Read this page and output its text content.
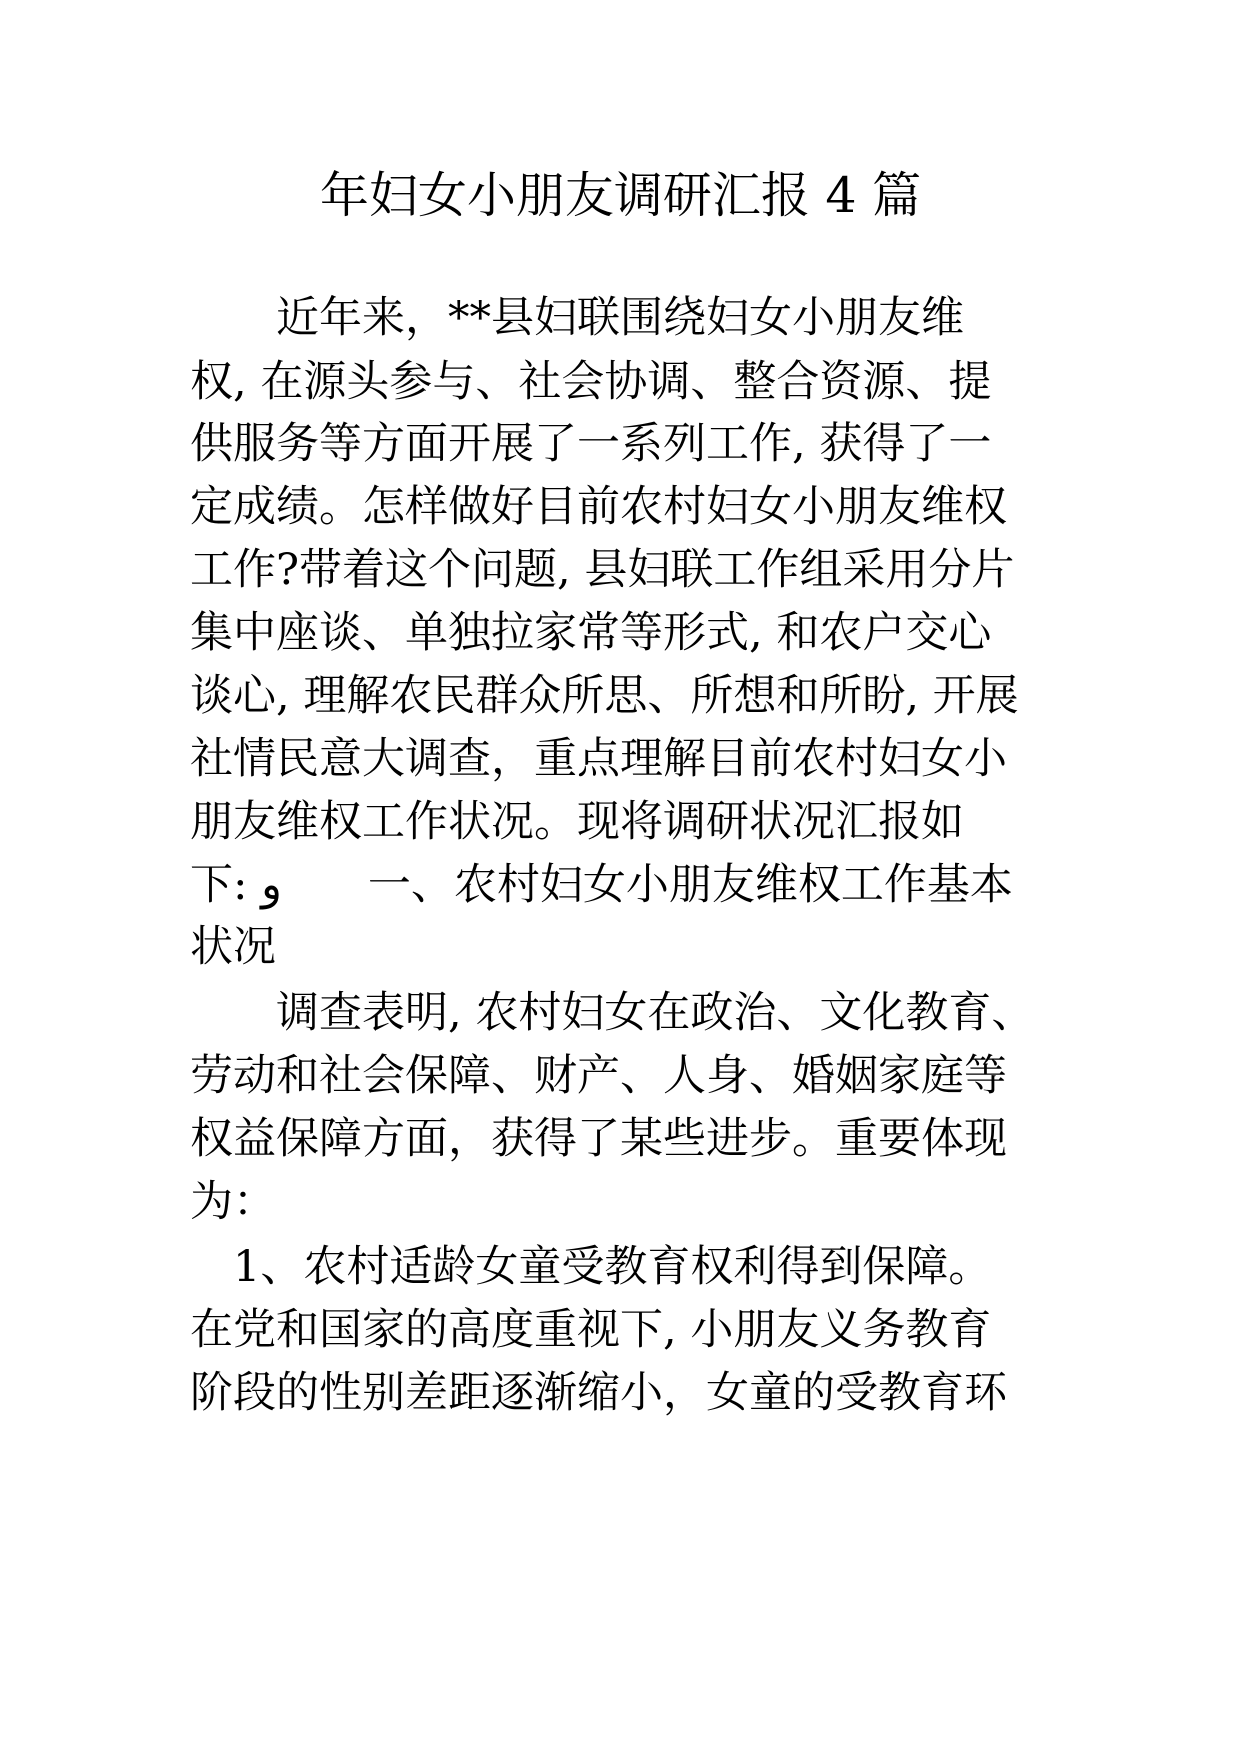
年妇女小朋友调研汇报 4 篇
　　近年来，**县妇联围绕妇女小朋友维
权, 在源头参与、社会协调、整合资源、提
供服务等方面开展了一系列工作, 获得了一
定成绩。怎样做好目前农村妇女小朋友维权
工作?带着这个问题, 县妇联工作组采用分片
集中座谈、单独拉家常等形式, 和农户交心
谈心, 理解农民群众所思、所想和所盼, 开展
社情民意大调查，重点理解目前农村妇女小
朋友维权工作状况。现将调研状况汇报如
下: و　　一、农村妇女小朋友维权工作基本
状况
　　调查表明, 农村妇女在政治、文化教育、
劳动和社会保障、财产、人身、婚姻家庭等
权益保障方面，获得了某些进步。重要体现
为：
　1、农村适龄女童受教育权利得到保障。
在党和国家的高度重视下, 小朋友义务教育
阶段的性别差距逐渐缩小，女童的受教育环
